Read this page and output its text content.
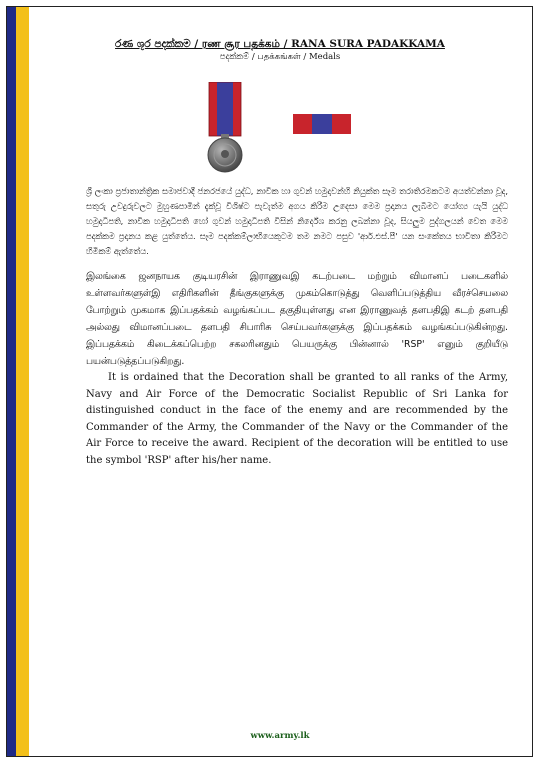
රණ ශූර පදක්කම / ரண சூர பதக்கம் / RANA SURA PADAKKAMA
පදක්කම් / பதக்கங்கள் / Medals

ශ්‍රී ලංකා ප්‍රජාතාන්ත්‍රික සමාජවාදී ජනරජයේ යුද්ධ, නාවික හා ගුවන් හමුදාවන්හි නියුක්ත සෑම තරාතිරමකටම අයත්වන්නා වූද, සතුරු උවදුරුවලට මුහුණපාමින් දැක්වූ විශිෂ්ට පැවැත්ම අගය කිරීම උදෙසා මෙම ප්‍රදානය ලැබීමට යෝග්‍ය යැයි යුද්ධ හමුදාධිපති, නාවික හමුදාධිපති හෝ ගුවන් හමුදාධිපති විසින් නිර්දේශ කරනු ලබන්නා වූද, සියලුම පුද්ගලයන් වෙත මෙම පදක්කම ප්‍රදානය කළ යුත්තේය. සෑම පදක්කම්ලාභියෙකුටම තම නමට පසුව 'ආර්.එස්.පී' යන සංකේතය භාවිතා කිරීමට හිමිකම් ඇත්තේය.

இலங்கை ஜனநாயக குடியரசின் இராணுவஇ கடற்படை மற்றும் விமானப் படைகளில் உள்ளவர்களுள்இ எதிரிகளின் தீங்குகளுக்கு முகம்கொடுத்து வெளிப்படுத்திய வீரச்செயலை போற்றும் முகமாக இப்பதக்கம் வழங்கப்பட தகுதியுள்ளது என இராணுவத் தளபதிஇ கடற் தளபதி அல்லது விமானப்படை தளபதி சிபாரிசு செய்பவர்களுக்கு இப்பதக்கம் வழங்கப்படுகின்றது. இப்பதக்கம் கிடைக்கப்பெற்ற சகலரினதும் பெயருக்கு பின்னால் 'RSP' எனும் குறியீடு பயன்படுத்தப்படுகிறது.

It is ordained that the Decoration shall be granted to all ranks of the Army, Navy and Air Force of the Democratic Socialist Republic of Sri Lanka for distinguished conduct in the face of the enemy and are recommended by the Commander of the Army, the Commander of the Navy or the Commander of the Air Force to receive the award. Recipient of the decoration will be entitled to use the symbol 'RSP' after his/her name.

www.army.lk
